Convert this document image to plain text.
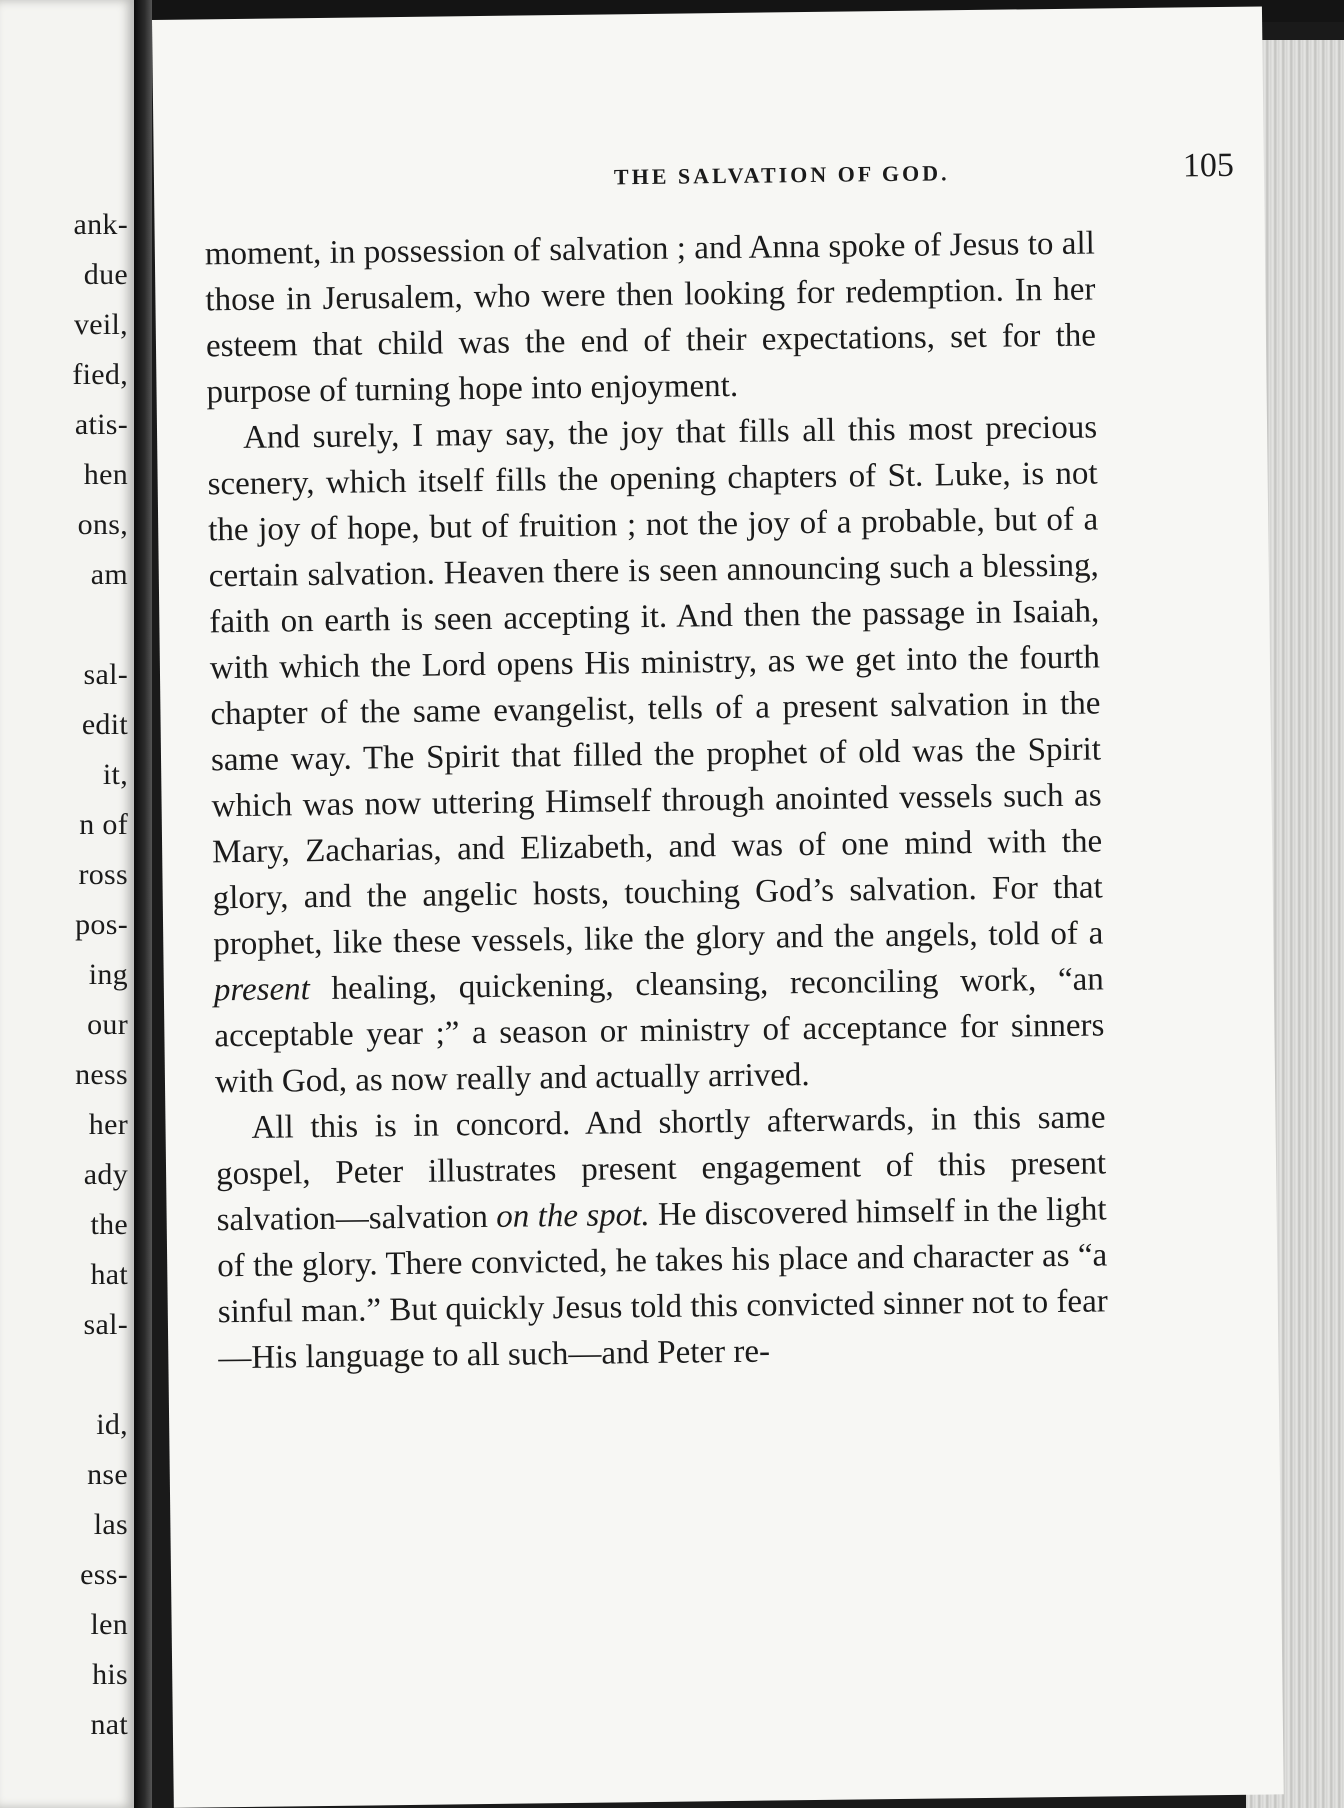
ank-
due
veil,
fied,
atis-
hen
ons,
am
sal-
edit
it,
n of
ross
pos-
ing
our
ness
her
ady
the
hat
sal-
id,
nse
las
ess-
len
his
nat
THE SALVATION OF GOD.	105

moment, in possession of salvation ; and Anna spoke of Jesus to all those in Jerusalem, who were then looking for redemption. In her esteem that child was the end of their expectations, set for the purpose of turning hope into enjoyment.

And surely, I may say, the joy that fills all this most precious scenery, which itself fills the opening chapters of St. Luke, is not the joy of hope, but of fruition ; not the joy of a probable, but of a certain salvation. Heaven there is seen announcing such a blessing, faith on earth is seen accepting it. And then the passage in Isaiah, with which the Lord opens His ministry, as we get into the fourth chapter of the same evangelist, tells of a present salvation in the same way. The Spirit that filled the prophet of old was the Spirit which was now uttering Himself through anointed vessels such as Mary, Zacharias, and Elizabeth, and was of one mind with the glory, and the angelic hosts, touching God’s salvation. For that prophet, like these vessels, like the glory and the angels, told of a present healing, quickening, cleansing, reconciling work, “an acceptable year ;” a season or ministry of acceptance for sinners with God, as now really and actually arrived.

All this is in concord. And shortly afterwards, in this same gospel, Peter illustrates present engagement of this present salvation—salvation on the spot. He discovered himself in the light of the glory. There convicted, he takes his place and character as “a sinful man.” But quickly Jesus told this convicted sinner not to fear—His language to all such—and Peter re-
